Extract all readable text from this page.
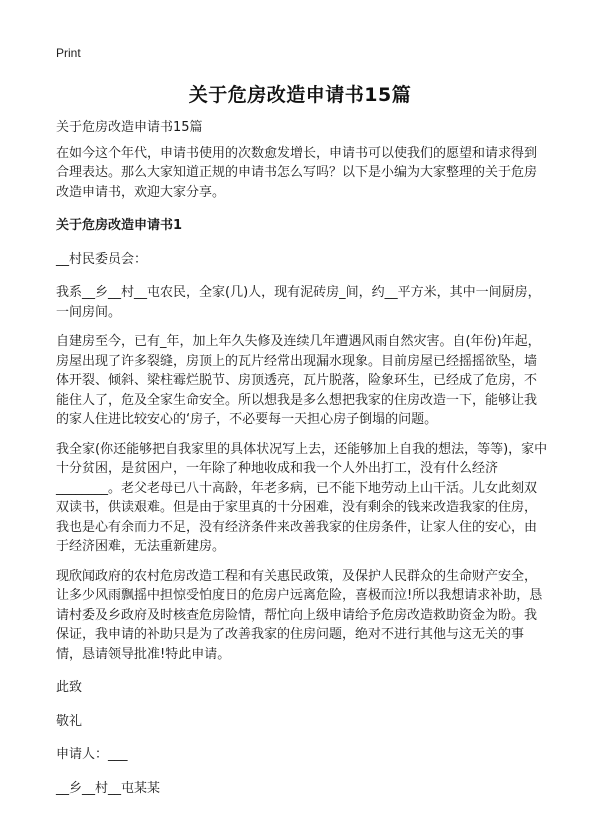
Print
关于危房改造申请书15篇

关于危房改造申请书15篇

在如今这个年代，申请书使用的次数愈发增长，申请书可以使我们的愿望和请求得到合理表达。那么大家知道正规的申请书怎么写吗？以下是小编为大家整理的关于危房改造申请书，欢迎大家分享。

关于危房改造申请书1

__村民委员会：

我系__乡__村__屯农民，全家(几)人，现有泥砖房_间，约__平方米，其中一间厨房，一间房间。

自建房至今，已有_年，加上年久失修及连续几年遭遇风雨自然灾害。自(年份)年起，房屋出现了许多裂缝，房顶上的瓦片经常出现漏水现象。目前房屋已经摇摇欲坠，墙体开裂、倾斜、梁柱霉烂脱节、房顶透亮，瓦片脱落，险象环生，已经成了危房，不能住人了，危及全家生命安全。所以想我是多么想把我家的住房改造一下，能够让我的家人住进比较安心的‘房子，不必要每一天担心房子倒塌的问题。

我全家(你还能够把自我家里的具体状况写上去，还能够加上自我的想法，等等)，家中十分贫困，是贫困户，一年除了种地收成和我一个人外出打工，没有什么经济________。老父老母已八十高龄，年老多病，已不能下地劳动上山干活。儿女此刻双双读书，供读艰难。但是由于家里真的十分困难，没有剩余的钱来改造我家的住房，我也是心有余而力不足，没有经济条件来改善我家的住房条件，让家人住的安心，由于经济困难，无法重新建房。

现欣闻政府的农村危房改造工程和有关惠民政策，及保护人民群众的生命财产安全，让多少风雨飘摇中担惊受怕度日的危房户远离危险，喜极而泣!所以我想请求补助，恳请村委及乡政府及时核查危房险情，帮忙向上级申请给予危房改造救助资金为盼。我保证，我申请的补助只是为了改善我家的住房问题，绝对不进行其他与这无关的事情，恳请领导批准!特此申请。

此致

敬礼

申请人：___

__乡__村__屯某某
